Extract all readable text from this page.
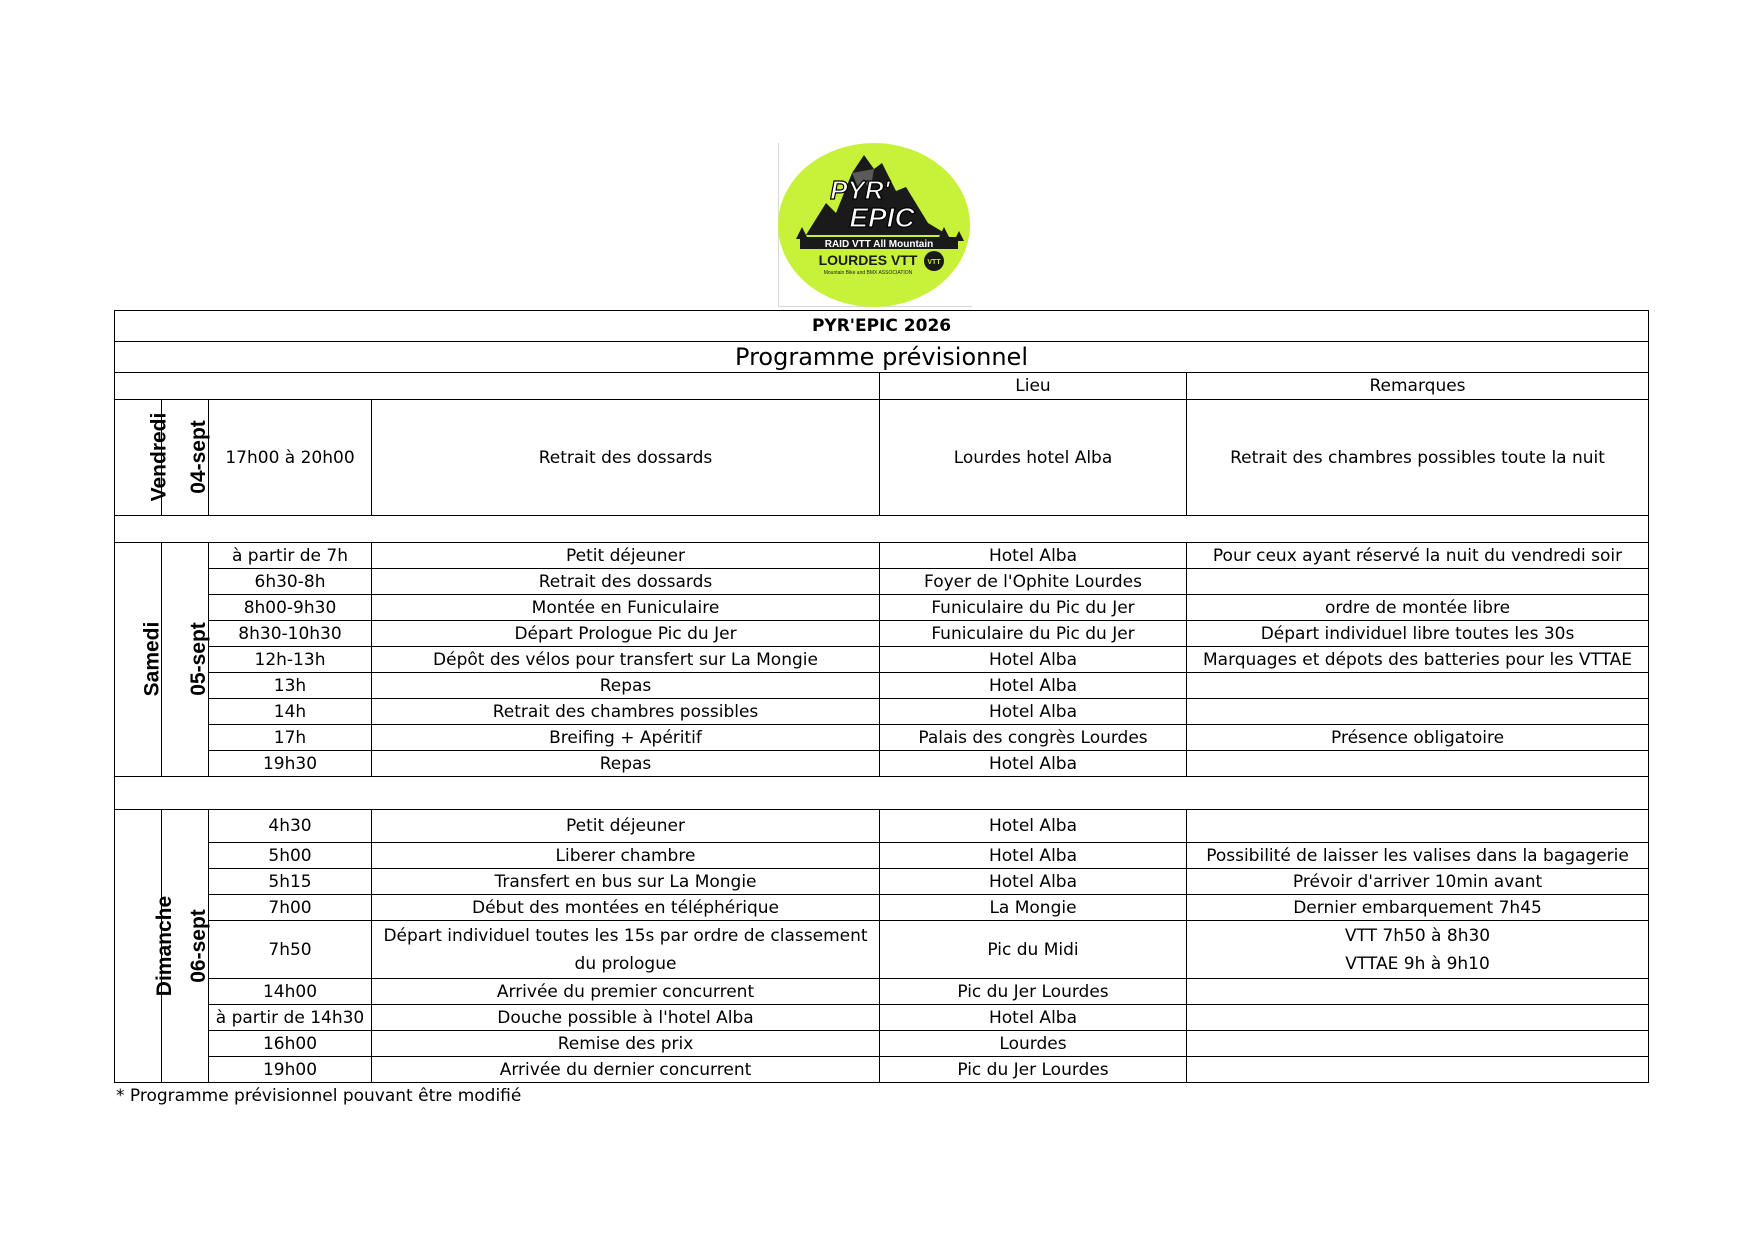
PYR'
EPIC
RAID VTT All Mountain
LOURDES VTT
Mountain Bike and BMX ASSOCIATION
VTT
PYR'EPIC 2026					
Programme prévisionnel					
				Lieu	Remarques
Vendredi	04-sept	17h00 à 20h00	Retrait des dossards	Lourdes hotel Alba	Retrait des chambres possibles toute la nuit

Samedi	05-sept	à partir de 7h	Petit déjeuner	Hotel Alba	Pour ceux ayant réservé la nuit du vendredi soir
		6h30-8h	Retrait des dossards	Foyer de l'Ophite Lourdes	
		8h00-9h30	Montée en Funiculaire	Funiculaire du Pic du Jer	ordre de montée libre
		8h30-10h30	Départ Prologue Pic du Jer	Funiculaire du Pic du Jer	Départ individuel libre toutes les 30s
		12h-13h	Dépôt des vélos pour transfert sur La Mongie	Hotel Alba	Marquages et dépots des batteries pour les VTTAE
		13h	Repas	Hotel Alba	
		14h	Retrait des chambres possibles	Hotel Alba	
		17h	Breifing + Apéritif	Palais des congrès Lourdes	Présence obligatoire
		19h30	Repas	Hotel Alba	

Dimanche	06-sept	4h30	Petit déjeuner	Hotel Alba	
		5h00	Liberer chambre	Hotel Alba	Possibilité de laisser les valises dans la bagagerie
		5h15	Transfert en bus sur La Mongie	Hotel Alba	Prévoir d'arriver 10min avant
		7h00	Début des montées en téléphérique	La Mongie	Dernier embarquement 7h45
		7h50	Départ individuel toutes les 15s par ordre de classement du prologue	Pic du Midi	VTT 7h50 à 8h30
VTTAE 9h à 9h10

		14h00	Arrivée du premier concurrent	Pic du Jer Lourdes	
		à partir de 14h30	Douche possible à l'hotel Alba	Hotel Alba	
		16h00	Remise des prix	Lourdes	
		19h00	Arrivée du dernier concurrent	Pic du Jer Lourdes	
* Programme prévisionnel pouvant être modifié
